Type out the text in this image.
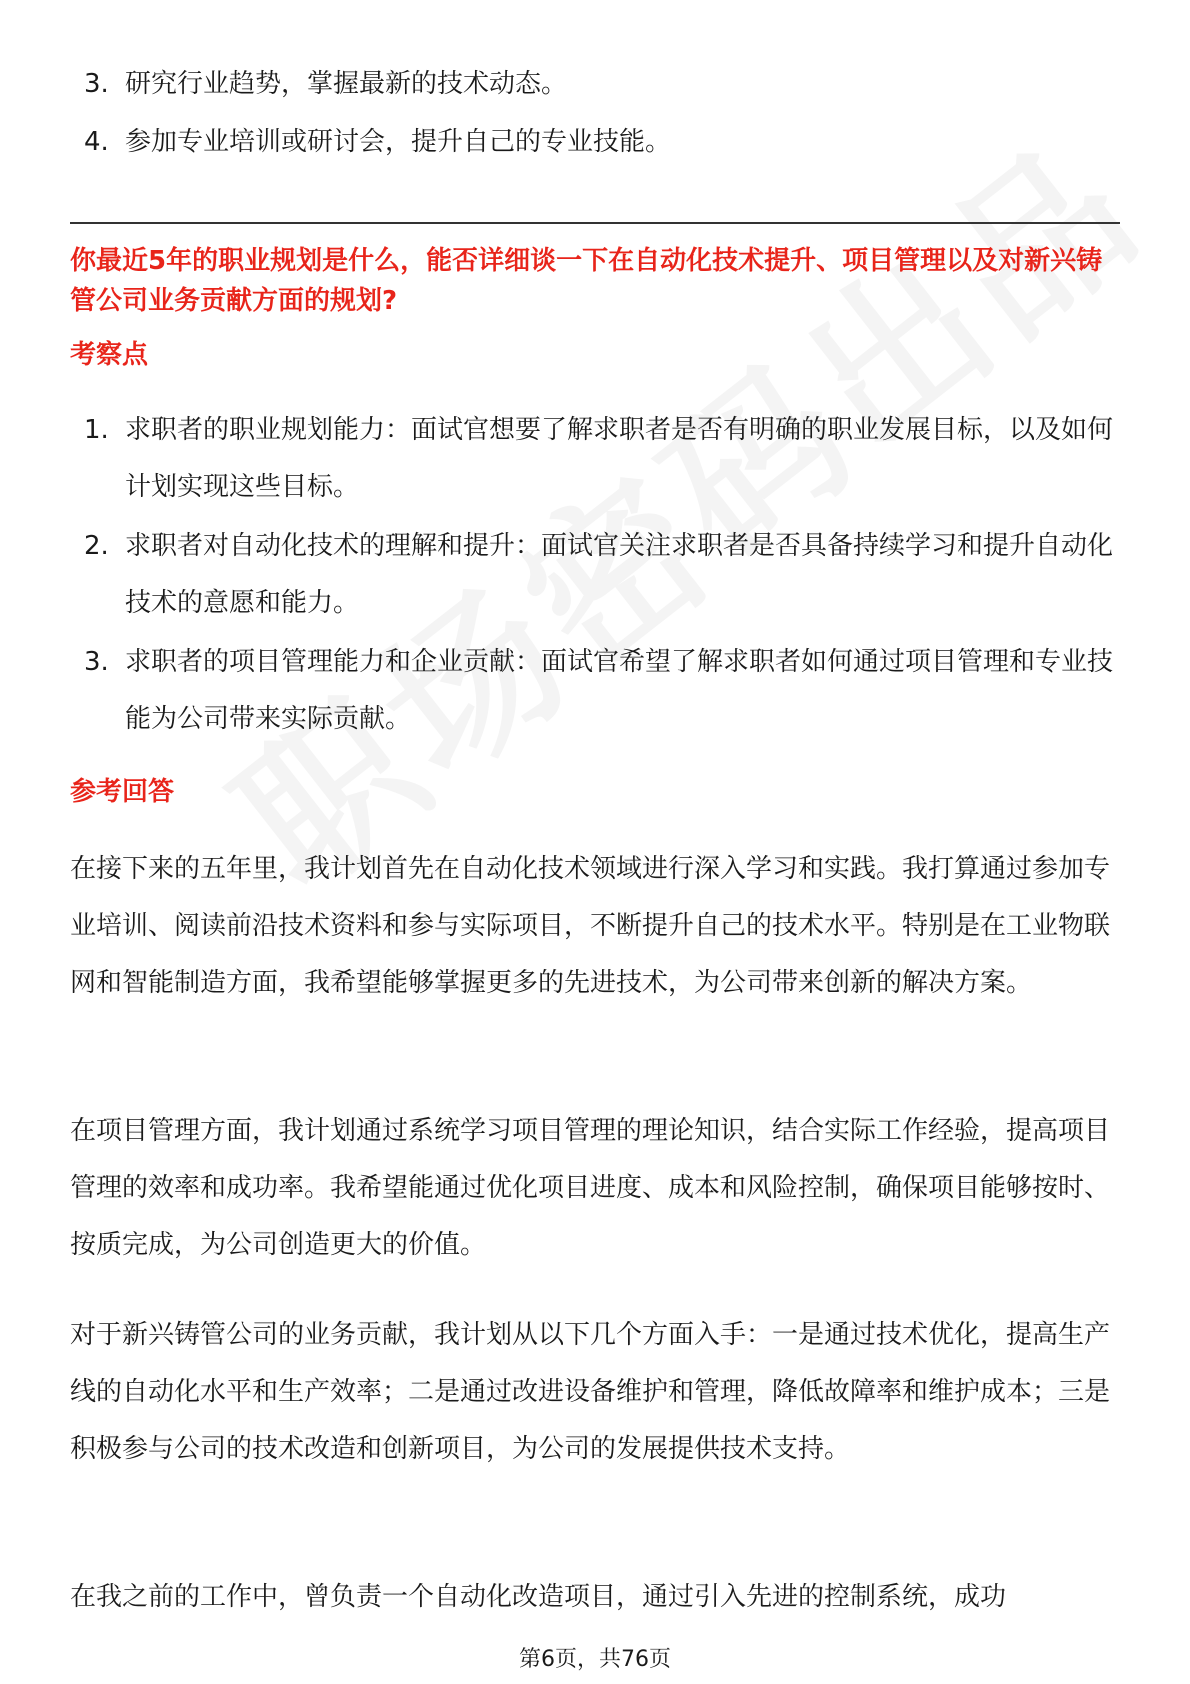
3. 研究行业趋势，掌握最新的技术动态。
4. 参加专业培训或研讨会，提升自己的专业技能。
你最近5年的职业规划是什么，能否详细谈一下在自动化技术提升、项目管理以及对新兴铸管公司业务贡献方面的规划?
考察点
1. 求职者的职业规划能力：面试官想要了解求职者是否有明确的职业发展目标，以及如何计划实现这些目标。
2. 求职者对自动化技术的理解和提升：面试官关注求职者是否具备持续学习和提升自动化技术的意愿和能力。
3. 求职者的项目管理能力和企业贡献：面试官希望了解求职者如何通过项目管理和专业技能为公司带来实际贡献。
参考回答

在接下来的五年里，我计划首先在自动化技术领域进行深入学习和实践。我打算通过参加专业培训、阅读前沿技术资料和参与实际项目，不断提升自己的技术水平。特别是在工业物联网和智能制造方面，我希望能够掌握更多的先进技术，为公司带来创新的解决方案。

在项目管理方面，我计划通过系统学习项目管理的理论知识，结合实际工作经验，提高项目管理的效率和成功率。我希望能通过优化项目进度、成本和风险控制，确保项目能够按时、按质完成，为公司创造更大的价值。

对于新兴铸管公司的业务贡献，我计划从以下几个方面入手：一是通过技术优化，提高生产线的自动化水平和生产效率；二是通过改进设备维护和管理，降低故障率和维护成本；三是积极参与公司的技术改造和创新项目，为公司的发展提供技术支持。

在我之前的工作中，曾负责一个自动化改造项目，通过引入先进的控制系统，成功

第6页，共76页
